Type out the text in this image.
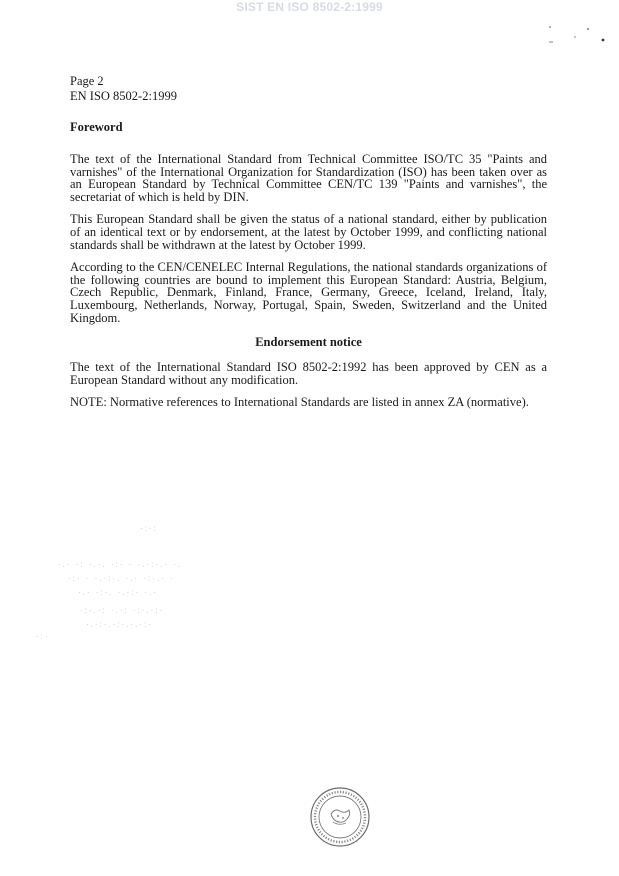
SIST EN ISO 8502-2:1999
Page 2
EN ISO 8502-2:1999
Foreword

The text of the International Standard from Technical Committee ISO/TC 35 "Paints and varnishes" of the International Organization for Standardization (ISO) has been taken over as an European Standard by Technical Committee CEN/TC 139 "Paints and varnishes", the secretariat of which is held by DIN.

This European Standard shall be given the status of a national standard, either by publication of an identical text or by endorsement, at the latest by October 1999, and conflicting national standards shall be withdrawn at the latest by October 1999.

According to the CEN/CENELEC Internal Regulations, the national standards organizations of the following countries are bound to implement this European Standard: Austria, Belgium, Czech Republic, Denmark, Finland, France, Germany, Greece, Iceland, Ireland, Italy, Luxembourg, Netherlands, Norway, Portugal, Spain, Sweden, Switzerland and the United Kingdom.

Endorsement notice

The text of the International Standard ISO 8502-2:1992 has been approved by CEN as a European Standard without any modification.

NOTE: Normative references to International Standards are listed in annex ZA (normative).

·:·:
·.· ·: ·.·. ·:· · ·.·:·.· ·.
·:· · ·.·:·. ·.· ·:·.· ·
·.· ·:·. ·.·:· ·.·
·:·.·: ·.·: ·:·.·:·
·.·:·.·:·.·.·:·
·:·
